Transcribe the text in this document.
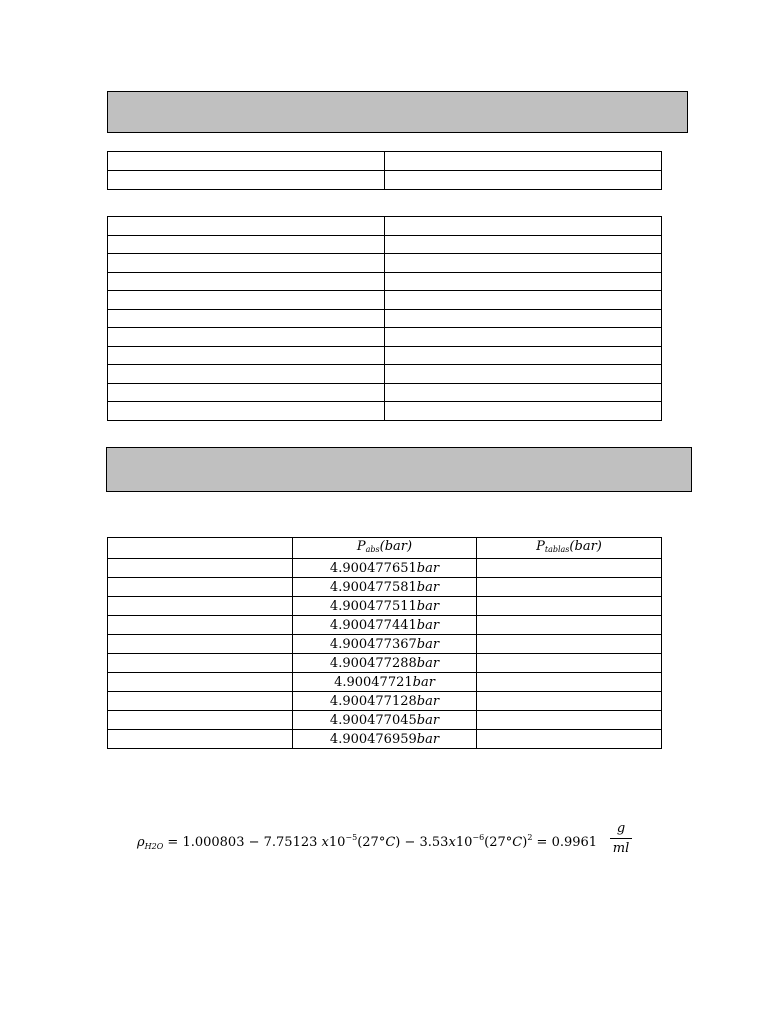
	$P_{abs}(bar)$	$P_{tablas}(bar)$
	4.900477651bar	
	4.900477581bar	
	4.900477511bar	
	4.900477441bar	
	4.900477367bar	
	4.900477288bar	
	4.90047721bar	
	4.900477128bar	
	4.900477045bar	
	4.900476959bar	
$\rho_{H2O} = 1.000803 - 7.75123$ $x10^{-5}(27^\circ C) - 3.53x10^{-6}(27^\circ C)^2 = 0.9961 \frac{g}{ml}$
